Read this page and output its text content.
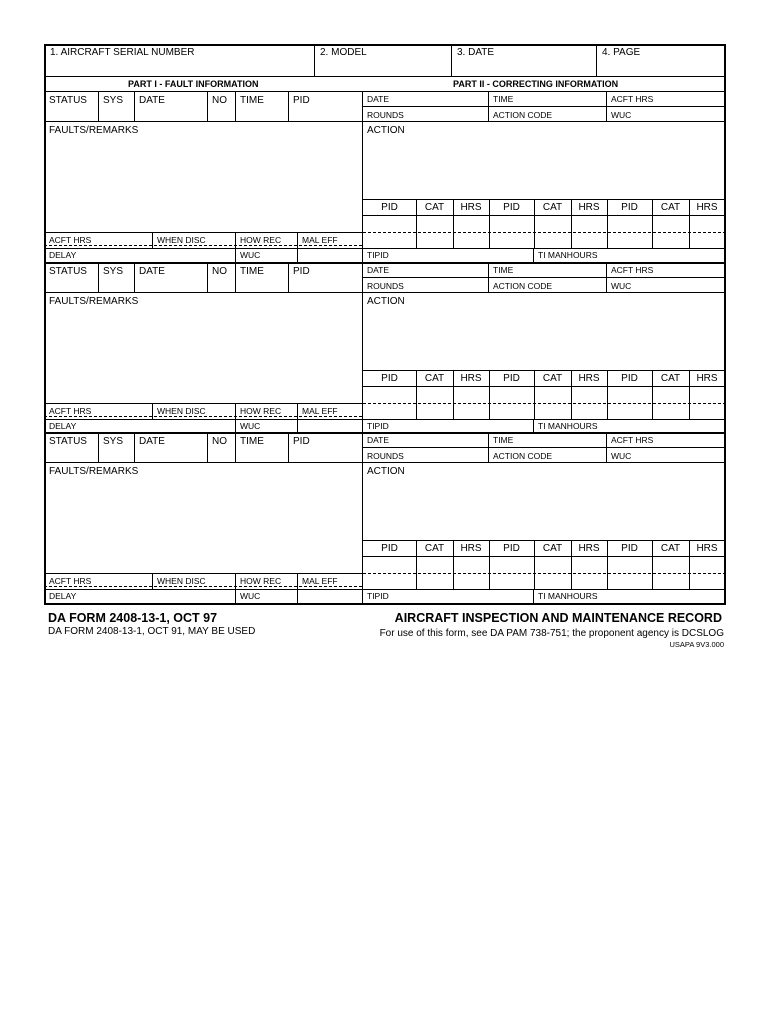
1. AIRCRAFT SERIAL NUMBER	2. MODEL	3. DATE	4. PAGE
PART I - FAULT INFORMATION	PART II - CORRECTING INFORMATION
STATUS SYS DATE	NO TIME	PID
FAULTS/REMARKS
ACFT HRS	WHEN DISC	HOW REC MAL EFF
DELAY	WUC
DATE	TIME	ACFT HRS
ROUNDS	ACTION CODE	WUC
ACTION
PID	CAT	HRS	PID	CAT	HRS	PID	CAT	HRS
TIPID	TI MANHOURS
STATUS SYS DATE	NO TIME	PID
FAULTS/REMARKS
ACFT HRS	WHEN DISC	HOW REC MAL EFF
DELAY	WUC
DATE	TIME	ACFT HRS
ROUNDS	ACTION CODE	WUC
ACTION
PID	CAT	HRS	PID	CAT	HRS	PID	CAT	HRS
TIPID	TI MANHOURS
STATUS SYS DATE	NO TIME	PID
FAULTS/REMARKS
ACFT HRS	WHEN DISC	HOW REC MAL EFF
DELAY	WUC
DATE	TIME	ACFT HRS
ROUNDS	ACTION CODE	WUC
ACTION
PID	CAT	HRS	PID	CAT	HRS	PID	CAT	HRS
TIPID	TI MANHOURS
DA FORM 2408-13-1, OCT 97
DA FORM 2408-13-1, OCT 91, MAY BE USED
AIRCRAFT INSPECTION AND MAINTENANCE RECORD
For use of this form, see DA PAM 738-751; the proponent agency is DCSLOG
USAPA 9V3.000
